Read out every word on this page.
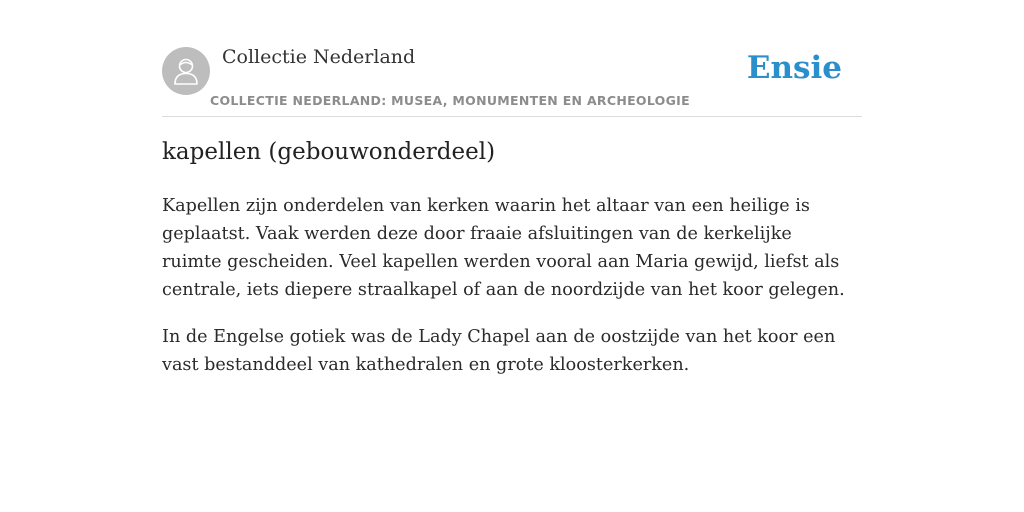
Collectie Nederland
COLLECTIE NEDERLAND: MUSEA, MONUMENTEN EN ARCHEOLOGIE
Ensie
kapellen (gebouwonderdeel)

Kapellen zijn onderdelen van kerken waarin het altaar van een heilige is geplaatst. Vaak werden deze door fraaie afsluitingen van de kerkelijke ruimte gescheiden. Veel kapellen werden vooral aan Maria gewijd, liefst als centrale, iets diepere straalkapel of aan de noordzijde van het koor gelegen.

In de Engelse gotiek was de Lady Chapel aan de oostzijde van het koor een vast bestanddeel van kathedralen en grote kloosterkerken.
